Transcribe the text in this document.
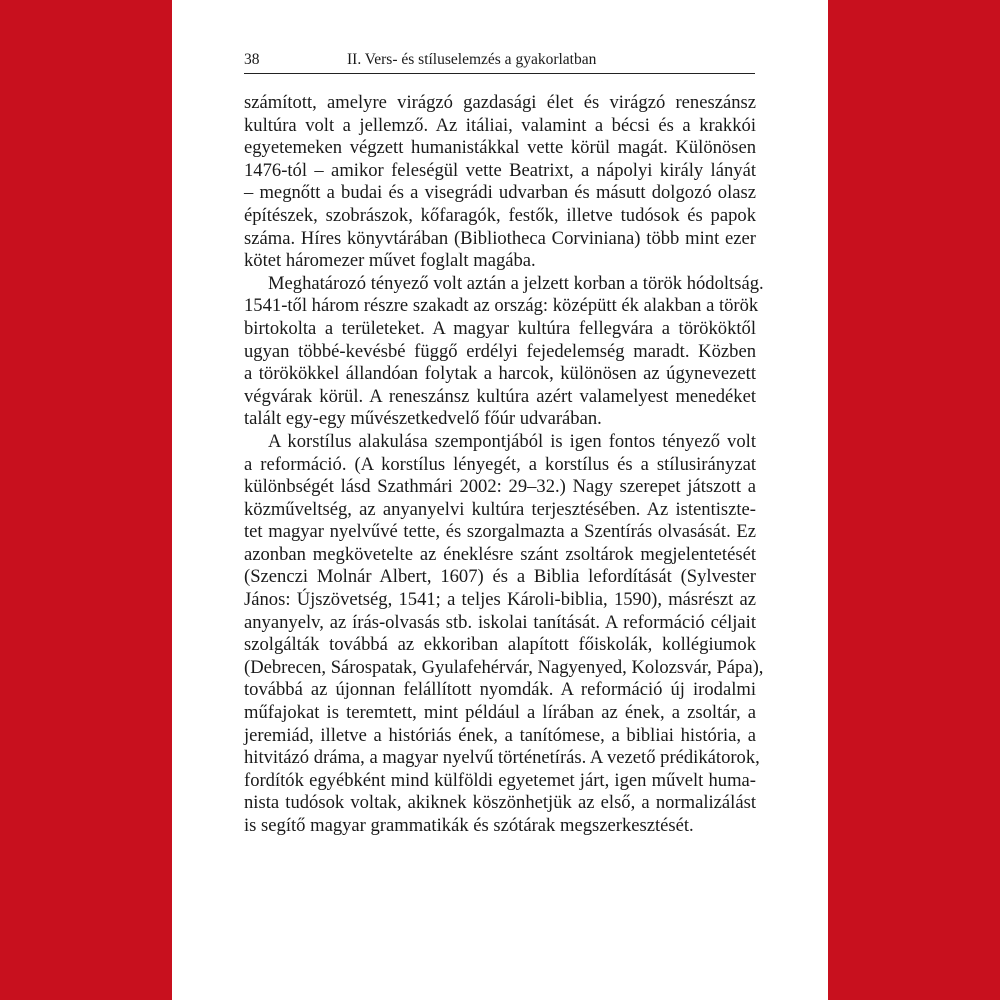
38	II. Vers- és stíluselemzés a gyakorlatban
számított, amelyre virágzó gazdasági élet és virágzó reneszánsz
kultúra volt a jellemző. Az itáliai, valamint a bécsi és a krakkói
egyetemeken végzett humanistákkal vette körül magát. Különösen
1476-tól – amikor feleségül vette Beatrixt, a nápolyi király lányát
– megnőtt a budai és a visegrádi udvarban és másutt dolgozó olasz
építészek, szobrászok, kőfaragók, festők, illetve tudósok és papok
száma. Híres könyvtárában (Bibliotheca Corviniana) több mint ezer
kötet háromezer művet foglalt magába.
Meghatározó tényező volt aztán a jelzett korban a török hódoltság.
1541-től három részre szakadt az ország: középütt ék alakban a török
birtokolta a területeket. A magyar kultúra fellegvára a törököktől
ugyan többé-kevésbé függő erdélyi fejedelemség maradt. Közben
a törökökkel állandóan folytak a harcok, különösen az úgynevezett
végvárak körül. A reneszánsz kultúra azért valamelyest menedéket
talált egy-egy művészetkedvelő főúr udvarában.
A korstílus alakulása szempontjából is igen fontos tényező volt
a reformáció. (A korstílus lényegét, a korstílus és a stílusirányzat
különbségét lásd Szathmári 2002: 29–32.) Nagy szerepet játszott a
közműveltség, az anyanyelvi kultúra terjesztésében. Az istentiszte-
tet magyar nyelvűvé tette, és szorgalmazta a Szentírás olvasását. Ez
azonban megkövetelte az éneklésre szánt zsoltárok megjelentetését
(Szenczi Molnár Albert, 1607) és a Biblia lefordítását (Sylvester
János: Újszövetség, 1541; a teljes Károli-biblia, 1590), másrészt az
anyanyelv, az írás-olvasás stb. iskolai tanítását. A reformáció céljait
szolgálták továbbá az ekkoriban alapított főiskolák, kollégiumok
(Debrecen, Sárospatak, Gyulafehérvár, Nagyenyed, Kolozsvár, Pápa),
továbbá az újonnan felállított nyomdák. A reformáció új irodalmi
műfajokat is teremtett, mint például a lírában az ének, a zsoltár, a
jeremiád, illetve a históriás ének, a tanítómese, a bibliai história, a
hitvitázó dráma, a magyar nyelvű történetírás. A vezető prédikátorok,
fordítók egyébként mind külföldi egyetemet járt, igen művelt huma-
nista tudósok voltak, akiknek köszönhetjük az első, a normalizálást
is segítő magyar grammatikák és szótárak megszerkesztését.
